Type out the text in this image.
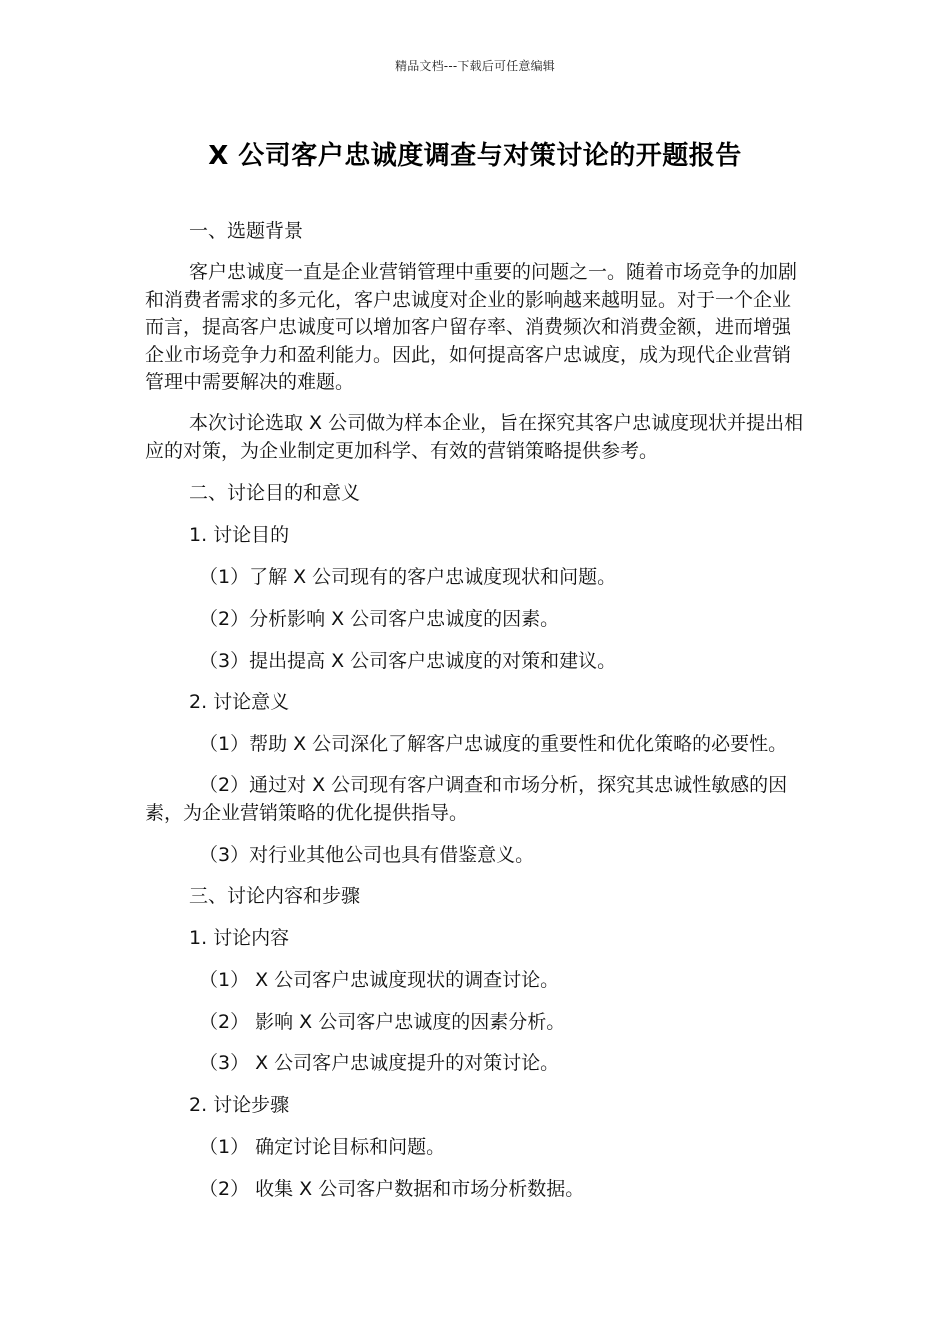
精品文档---下载后可任意编辑
X 公司客户忠诚度调查与对策讨论的开题报告
一、选题背景

客户忠诚度一直是企业营销管理中重要的问题之一。随着市场竞争的加剧和消费者需求的多元化，客户忠诚度对企业的影响越来越明显。对于一个企业而言，提高客户忠诚度可以增加客户留存率、消费频次和消费金额，进而增强企业市场竞争力和盈利能力。因此，如何提高客户忠诚度，成为现代企业营销管理中需要解决的难题。

本次讨论选取 X 公司做为样本企业，旨在探究其客户忠诚度现状并提出相应的对策，为企业制定更加科学、有效的营销策略提供参考。

二、讨论目的和意义
1. 讨论目的
（1）了解 X 公司现有的客户忠诚度现状和问题。
（2）分析影响 X 公司客户忠诚度的因素。
（3）提出提高 X 公司客户忠诚度的对策和建议。
2. 讨论意义
（1）帮助 X 公司深化了解客户忠诚度的重要性和优化策略的必要性。

（2）通过对 X 公司现有客户调查和市场分析，探究其忠诚性敏感的因素，为企业营销策略的优化提供指导。

（3）对行业其他公司也具有借鉴意义。
三、讨论内容和步骤
1. 讨论内容
（1） X 公司客户忠诚度现状的调查讨论。
（2） 影响 X 公司客户忠诚度的因素分析。
（3） X 公司客户忠诚度提升的对策讨论。
2. 讨论步骤
（1） 确定讨论目标和问题。
（2） 收集 X 公司客户数据和市场分析数据。
